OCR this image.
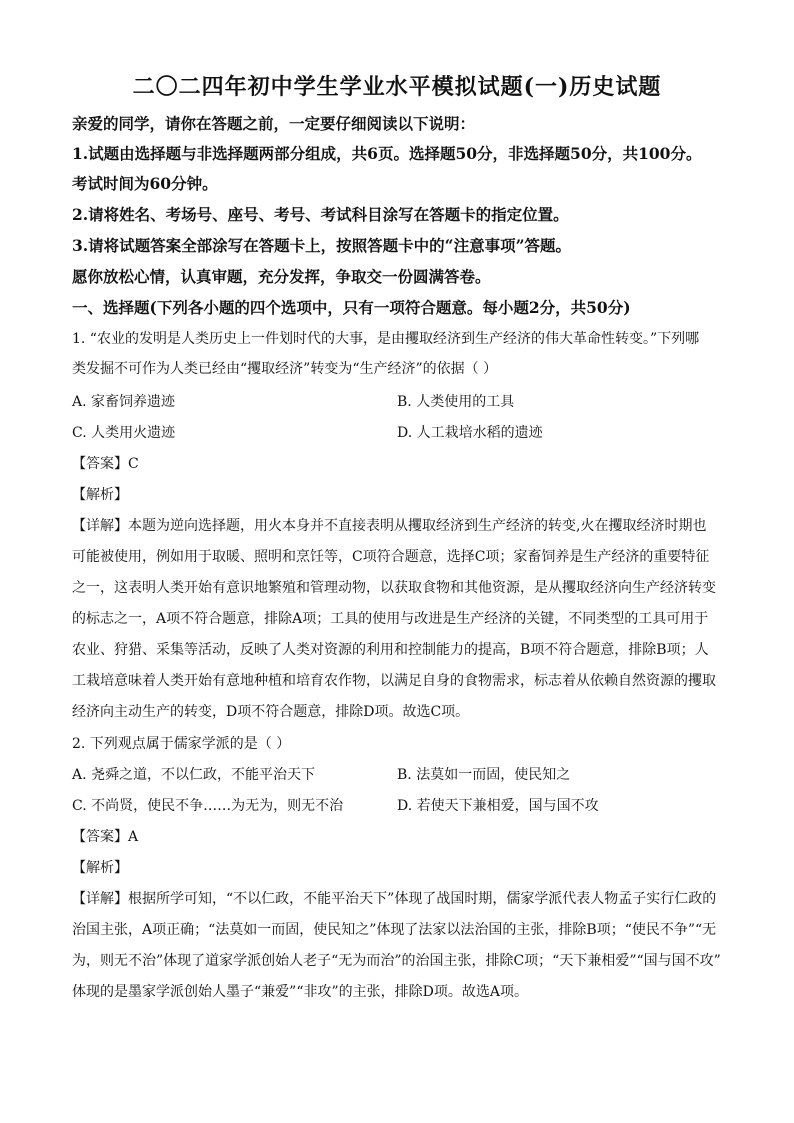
二〇二四年初中学生学业水平模拟试题(一)历史试题
亲爱的同学，请你在答题之前，一定要仔细阅读以下说明：
1.试题由选择题与非选择题两部分组成，共6页。选择题50分，非选择题50分，共100分。
考试时间为60分钟。
2.请将姓名、考场号、座号、考号、考试科目涂写在答题卡的指定位置。
3.请将试题答案全部涂写在答题卡上，按照答题卡中的“注意事项”答题。
愿你放松心情，认真审题，充分发挥，争取交一份圆满答卷。
一、选择题(下列各小题的四个选项中，只有一项符合题意。每小题2分，共50分)
1. “农业的发明是人类历史上一件划时代的大事，是由攫取经济到生产经济的伟大革命性转变。”下列哪
类发掘不可作为人类已经由“攫取经济”转变为“生产经济”的依据（ ）
A. 家畜饲养遗迹	B. 人类使用的工具
C. 人类用火遗迹	D. 人工栽培水稻的遗迹
【答案】C
【解析】
【详解】本题为逆向选择题，用火本身并不直接表明从攫取经济到生产经济的转变,火在攫取经济时期也
可能被使用，例如用于取暖、照明和烹饪等，C项符合题意，选择C项；家畜饲养是生产经济的重要特征
之一，这表明人类开始有意识地繁殖和管理动物，以获取食物和其他资源，是从攫取经济向生产经济转变
的标志之一，A项不符合题意，排除A项；工具的使用与改进是生产经济的关键，不同类型的工具可用于
农业、狩猎、采集等活动，反映了人类对资源的利用和控制能力的提高，B项不符合题意，排除B项；人
工栽培意味着人类开始有意地种植和培育农作物，以满足自身的食物需求，标志着从依赖自然资源的攫取
经济向主动生产的转变，D项不符合题意，排除D项。故选C项。
2. 下列观点属于儒家学派的是（ ）
A. 尧舜之道，不以仁政，不能平治天下	B. 法莫如一而固，使民知之
C. 不尚贤，使民不争……为无为，则无不治	D. 若使天下兼相爱，国与国不攻
【答案】A
【解析】
【详解】根据所学可知，“不以仁政，不能平治天下”体现了战国时期，儒家学派代表人物孟子实行仁政的
治国主张，A项正确；“法莫如一而固，使民知之”体现了法家以法治国的主张，排除B项；“使民不争”“无
为，则无不治”体现了道家学派创始人老子“无为而治”的治国主张，排除C项；“天下兼相爱”“国与国不攻”
体现的是墨家学派创始人墨子“兼爱”“非攻”的主张，排除D项。故选A项。
